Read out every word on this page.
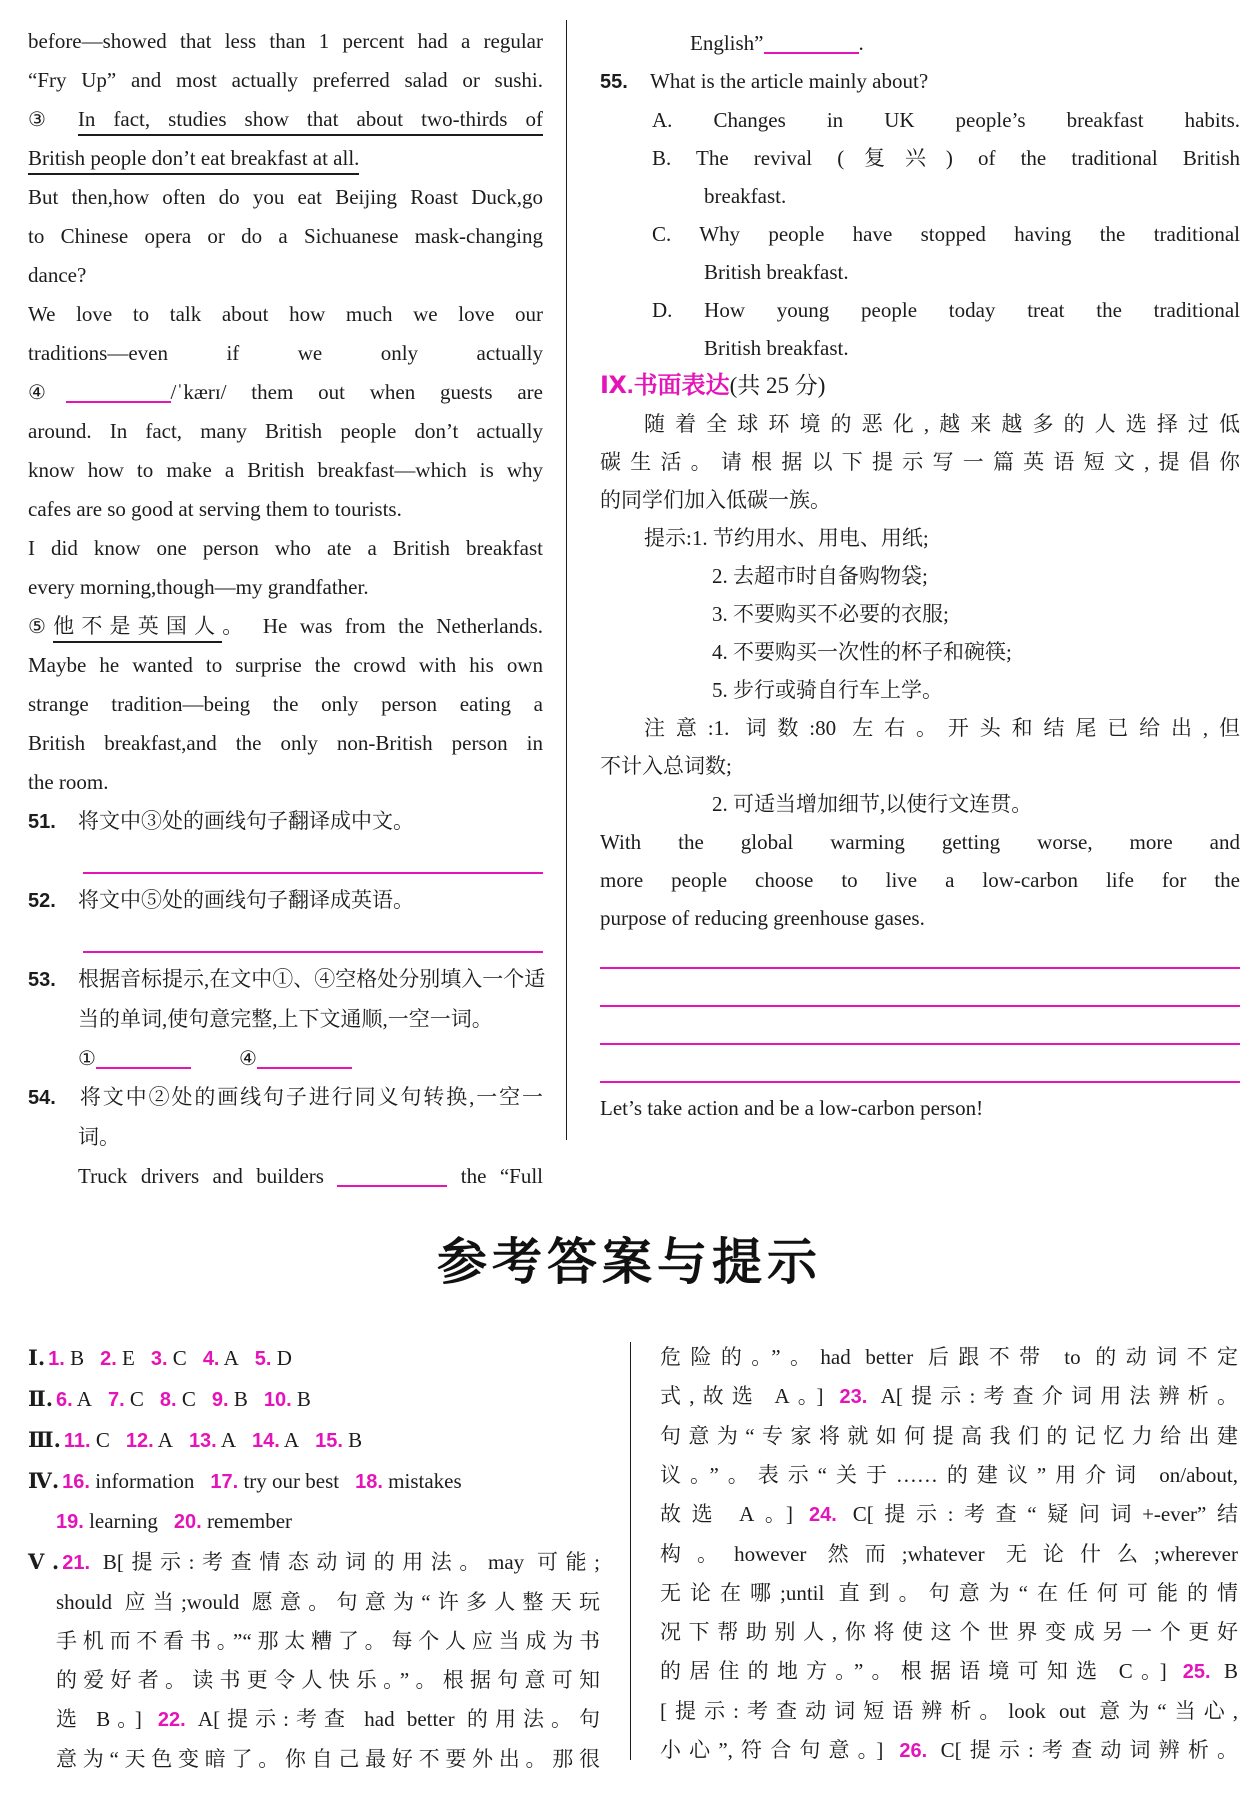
before—showed that less than 1 percent had a regular
“Fry Up” and most actually preferred salad or sushi.
③ In fact, studies show that about two-thirds of
British people don’t eat breakfast at all.
But then,how often do you eat Beijing Roast Duck,go
to Chinese opera or do a Sichuanese mask-changing
dance?
We love to talk about how much we love our
traditions—even if we only actually
④	/ˈkærɪ/ them out when guests are
around. In fact, many British people don’t actually
know how to make a British breakfast—which is why
cafes are so good at serving them to tourists.
I did know one person who ate a British breakfast
every morning,though—my grandfather.
⑤他不是英国人。 He was from the Netherlands.
Maybe he wanted to surprise the crowd with his own
strange tradition—being the only person eating a
British breakfast,and the only non-British person in
the room.
51. 将文中③处的画线句子翻译成中文。
52. 将文中⑤处的画线句子翻译成英语。
53. 根据音标提示,在文中①、④空格处分别填入一个适
当的单词,使句意完整,上下文通顺,一空一词。
①	④
54. 将文中②处的画线句子进行同义句转换,一空一
词。
Truck drivers and builders	the “Full
English”	.
55. What is the article mainly about?
A. Changes in UK people’s breakfast habits.
B. The revival (复兴) of the traditional British
breakfast.
C. Why people have stopped having the traditional
British breakfast.
D. How young people today treat the traditional
British breakfast.
Ⅸ.书面表达(共 25 分)
随着全球环境的恶化,越来越多的人选择过低
碳生活。请根据以下提示写一篇英语短文,提倡你
的同学们加入低碳一族。
提示:1. 节约用水、用电、用纸;
2. 去超市时自备购物袋;
3. 不要购买不必要的衣服;
4. 不要购买一次性的杯子和碗筷;
5. 步行或骑自行车上学。
注意:1. 词数:80 左右。开头和结尾已给出,但
不计入总词数;
2. 可适当增加细节,以使行文连贯。
With the global warming getting worse, more and
more people choose to live a low-carbon life for the
purpose of reducing greenhouse gases.
Let’s take action and be a low-carbon person!
参考答案与提示
Ⅰ. 1. B 2. E 3. C 4. A 5. D
Ⅱ. 6. A 7. C 8. C 9. B 10. B
Ⅲ. 11. C 12. A 13. A 14. A 15. B
Ⅳ. 16. information 17. try our best 18. mistakes
19. learning 20. remember
Ⅴ. 21. B[提示:考查情态动词的用法。may 可能;
should 应当;would 愿意。句意为“许多人整天玩
手机而不看书。”“那太糟了。每个人应当成为书
的爱好者。读书更令人快乐。”。根据句意可知
选 B。] 22. A[提示:考查 had better 的用法。句
意为“天色变暗了。你自己最好不要外出。那很
危险的。”。had better 后跟不带 to 的动词不定
式,故选 A。] 23. A[提示:考查介词用法辨析。
句意为“专家将就如何提高我们的记忆力给出建
议。”。表示“关于……的建议”用介词 on/about,
故选 A。] 24. C[提示:考查“疑问词+-ever”结
构。however 然而;whatever 无论什么;wherever
无论在哪;until 直到。句意为“在任何可能的情
况下帮助别人,你将使这个世界变成另一个更好
的居住的地方。”。根据语境可知选 C。] 25. B
[提示:考查动词短语辨析。look out 意为“当心,
小心”,符合句意。] 26. C[提示:考查动词辨析。
